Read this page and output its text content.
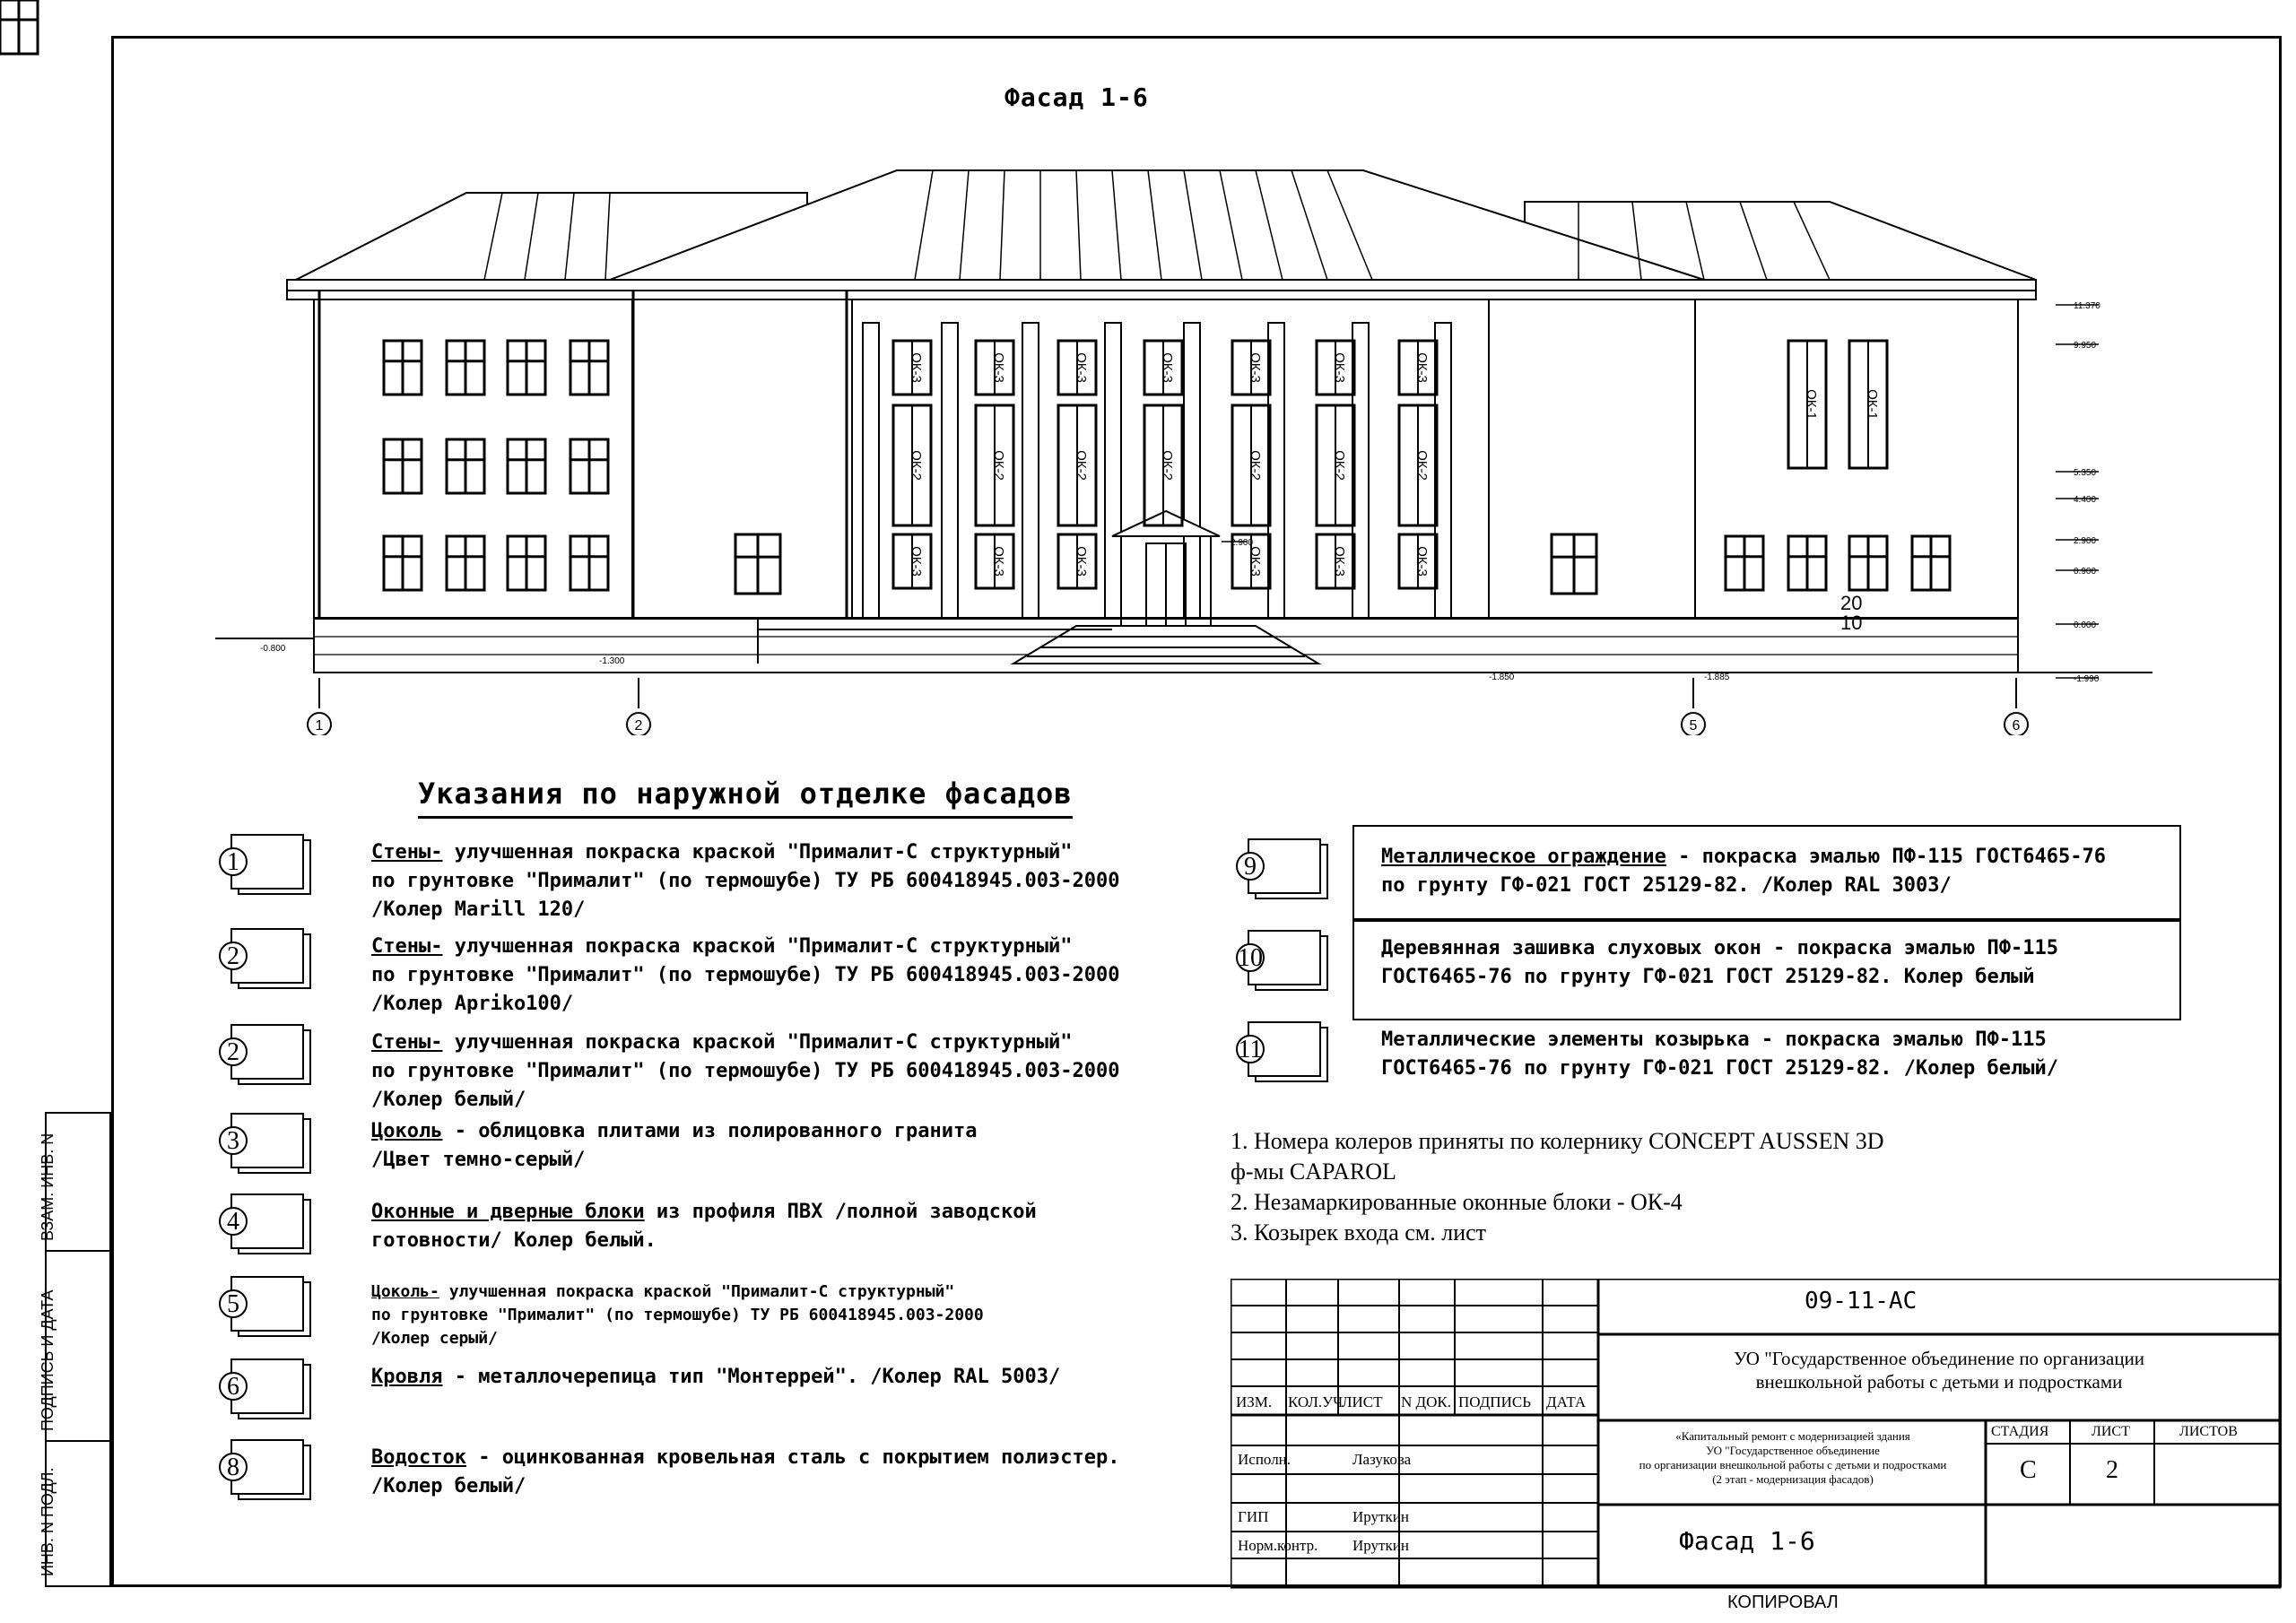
Фасад 1-6
1	2	5	6
11.370
9.950
5.350
4.400
2.900
0.900
0.000
-1.990
-0.800
-1.300
-1.850	-1.885
2.900
20
10
ОК-3
ОК-2
ОК-3
ОК-2
ОК-3
ОК-2
ОК-3
ОК-2
ОК-3
ОК-2
ОК-3
ОК-2
ОК-3
ОК-2
ОК-3	ОК-3	ОК-3	ОК-3	ОК-3	ОК-3
ОК-1	ОК-1
Указания по наружной отделке фасадов
1. Номера колеров приняты по колернику CONCEPT AUSSEN 3D
ф-мы CAPAROL
2. Незамаркированные оконные блоки - ОК-4
3. Козырек входа см. лист
09-11-АС
УО "Государственное объединение по организации
внешкольной работы с детьми и подростками
«Капитальный ремонт с модернизацией здания
УО "Государственное объединение
по организации внешкольной работы с детьми и подростками
(2 этап - модернизация фасадов)
СТАДИЯ	ЛИСТ	ЛИСТОВ
С	2
Фасад 1-6
ИЗМ. КОЛ.УЧ
ЛИСТ N ДОК. ПОДПИСЬ ДАТА
Исполн.	Лазукова
ГИП	Ируткин
Норм.контр. Ируткин
ВЗАМ. ИНВ. N
ПОДПИСЬ И ДАТА
ИНВ. N ПОДЛ.
КОПИРОВАЛ
1	Стены- улучшенная покраска краской "Прималит-С структурный"
по грунтовке "Прималит" (по термошубе) ТУ РБ 600418945.003-2000
/Колер Marill 120/
2	Стены- улучшенная покраска краской "Прималит-С структурный"
по грунтовке "Прималит" (по термошубе) ТУ РБ 600418945.003-2000
/Колер Apriko100/
2	Стены- улучшенная покраска краской "Прималит-С структурный"
по грунтовке "Прималит" (по термошубе) ТУ РБ 600418945.003-2000
/Колер белый/
3	Цоколь - облицовка плитами из полированного гранита
/Цвет темно-серый/
4	Оконные и дверные блоки из профиля ПВХ /полной заводской
готовности/ Колер белый.
5	Цоколь- улучшенная покраска краской "Прималит-С структурный"
по грунтовке "Прималит" (по термошубе) ТУ РБ 600418945.003-2000
/Колер серый/
6	Кровля - металлочерепица тип "Монтеррей". /Колер RAL 5003/
8	Водосток - оцинкованная кровельная сталь с покрытием полиэстер.
/Колер белый/
9	Металлическое ограждение - покраска эмалью ПФ-115 ГОСТ6465-76
по грунту ГФ-021 ГОСТ 25129-82. /Колер RAL 3003/
10	Деревянная зашивка слуховых окон - покраска эмалью ПФ-115
ГОСТ6465-76 по грунту ГФ-021 ГОСТ 25129-82. Колер белый
11	Металлические элементы козырька - покраска эмалью ПФ-115
ГОСТ6465-76 по грунту ГФ-021 ГОСТ 25129-82. /Колер белый/
